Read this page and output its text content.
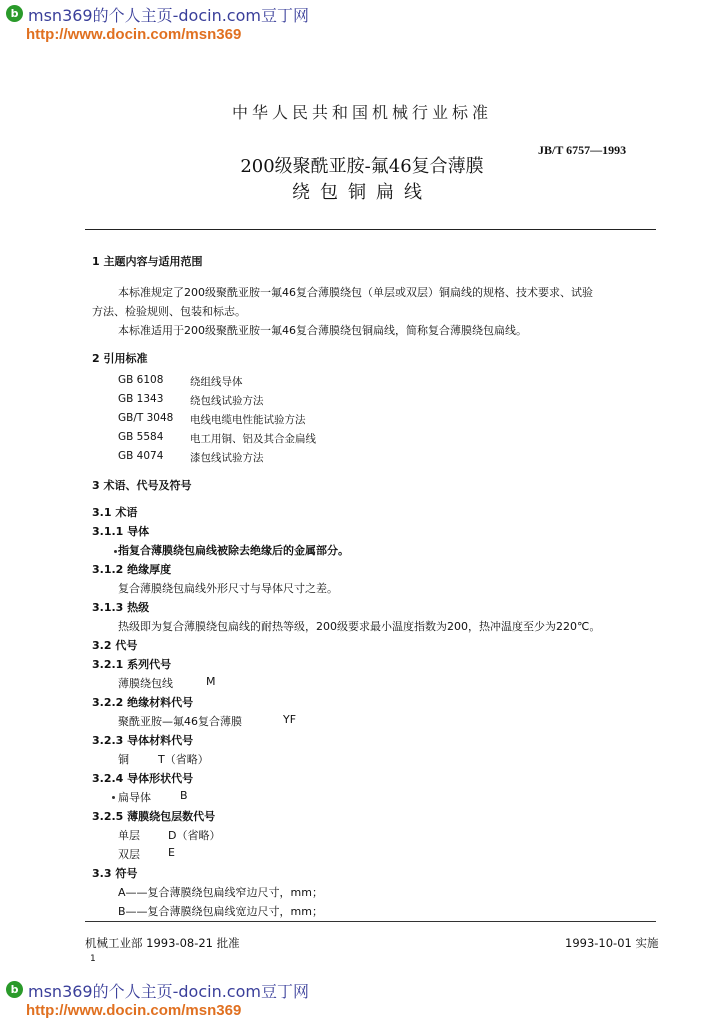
b msn369的个人主页-docin.com豆丁网
http://www.docin.com/msn369
中华人民共和国机械行业标准
JB/T 6757—1993
200级聚酰亚胺-氟46复合薄膜
绕包铜扁线
1 主题内容与适用范围
本标准规定了200级聚酰亚胺一氟46复合薄膜绕包（单层或双层）铜扁线的规格、技术要求、试验
方法、检验规则、包装和标志。
本标准适用于200级聚酰亚胺一氟46复合薄膜绕包铜扁线，简称复合薄膜绕包扁线。
2 引用标准
GB 6108	绕组线导体
GB 1343	绕包线试验方法
GB/T 3048 电线电缆电性能试验方法
GB 5584	电工用铜、铝及其合金扁线
GB 4074	漆包线试验方法
3 术语、代号及符号
3.1 术语
3.1.1 导体
指复合薄膜绕包扁线被除去绝缘后的金属部分。
3.1.2 绝缘厚度
复合薄膜绕包扁线外形尺寸与导体尺寸之差。
3.1.3 热级
热级即为复合薄膜绕包扁线的耐热等级，200级要求最小温度指数为200，热冲温度至少为220℃。
3.2 代号
3.2.1 系列代号
薄膜绕包线	M
3.2.2 绝缘材料代号
聚酰亚胺—氟46复合薄膜	YF
3.2.3 导体材料代号
铜	T（省略）
3.2.4 导体形状代号
扁导体	B
3.2.5 薄膜绕包层数代号
单层	D（省略）
双层	E
3.3 符号
A——复合薄膜绕包扁线窄边尺寸，mm；
B——复合薄膜绕包扁线宽边尺寸，mm；
机械工业部 1993-08-21 批准	1993-10-01 实施
1
b msn369的个人主页-docin.com豆丁网
http://www.docin.com/msn369
